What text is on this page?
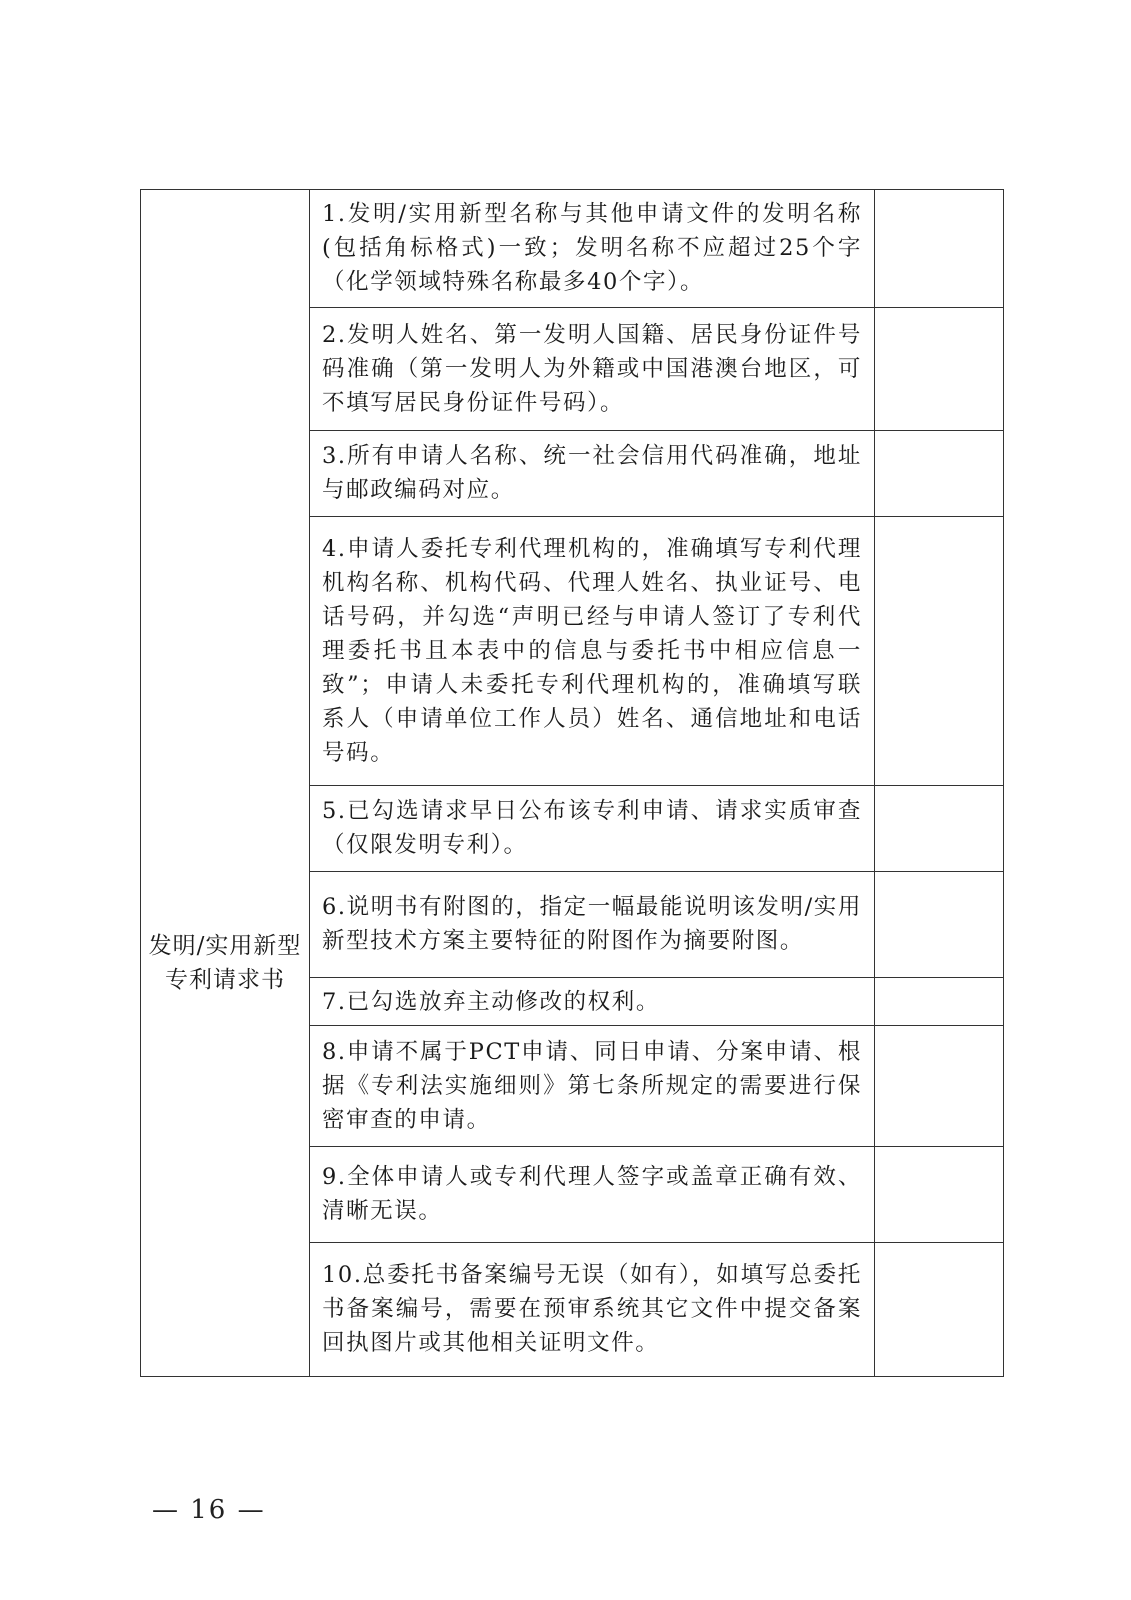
发明/实用新型专利请求书	1.发明/实用新型名称与其他申请文件的发明名称(包括角标格式)一致；发明名称不应超过25个字（化学领域特殊名称最多40个字）。	
	2.发明人姓名、第一发明人国籍、居民身份证件号码准确（第一发明人为外籍或中国港澳台地区，可不填写居民身份证件号码）。	
	3.所有申请人名称、统一社会信用代码准确，地址与邮政编码对应。	
	4.申请人委托专利代理机构的，准确填写专利代理机构名称、机构代码、代理人姓名、执业证号、电话号码，并勾选“声明已经与申请人签订了专利代理委托书且本表中的信息与委托书中相应信息一致”；申请人未委托专利代理机构的，准确填写联系人（申请单位工作人员）姓名、通信地址和电话号码。	
	5.已勾选请求早日公布该专利申请、请求实质审查（仅限发明专利）。	
	6.说明书有附图的，指定一幅最能说明该发明/实用新型技术方案主要特征的附图作为摘要附图。	
	7.已勾选放弃主动修改的权利。	
	8.申请不属于PCT申请、同日申请、分案申请、根据《专利法实施细则》第七条所规定的需要进行保密审查的申请。	
	9.全体申请人或专利代理人签字或盖章正确有效、清晰无误。	
	10.总委托书备案编号无误（如有），如填写总委托书备案编号，需要在预审系统其它文件中提交备案回执图片或其他相关证明文件。	
— 16 —
